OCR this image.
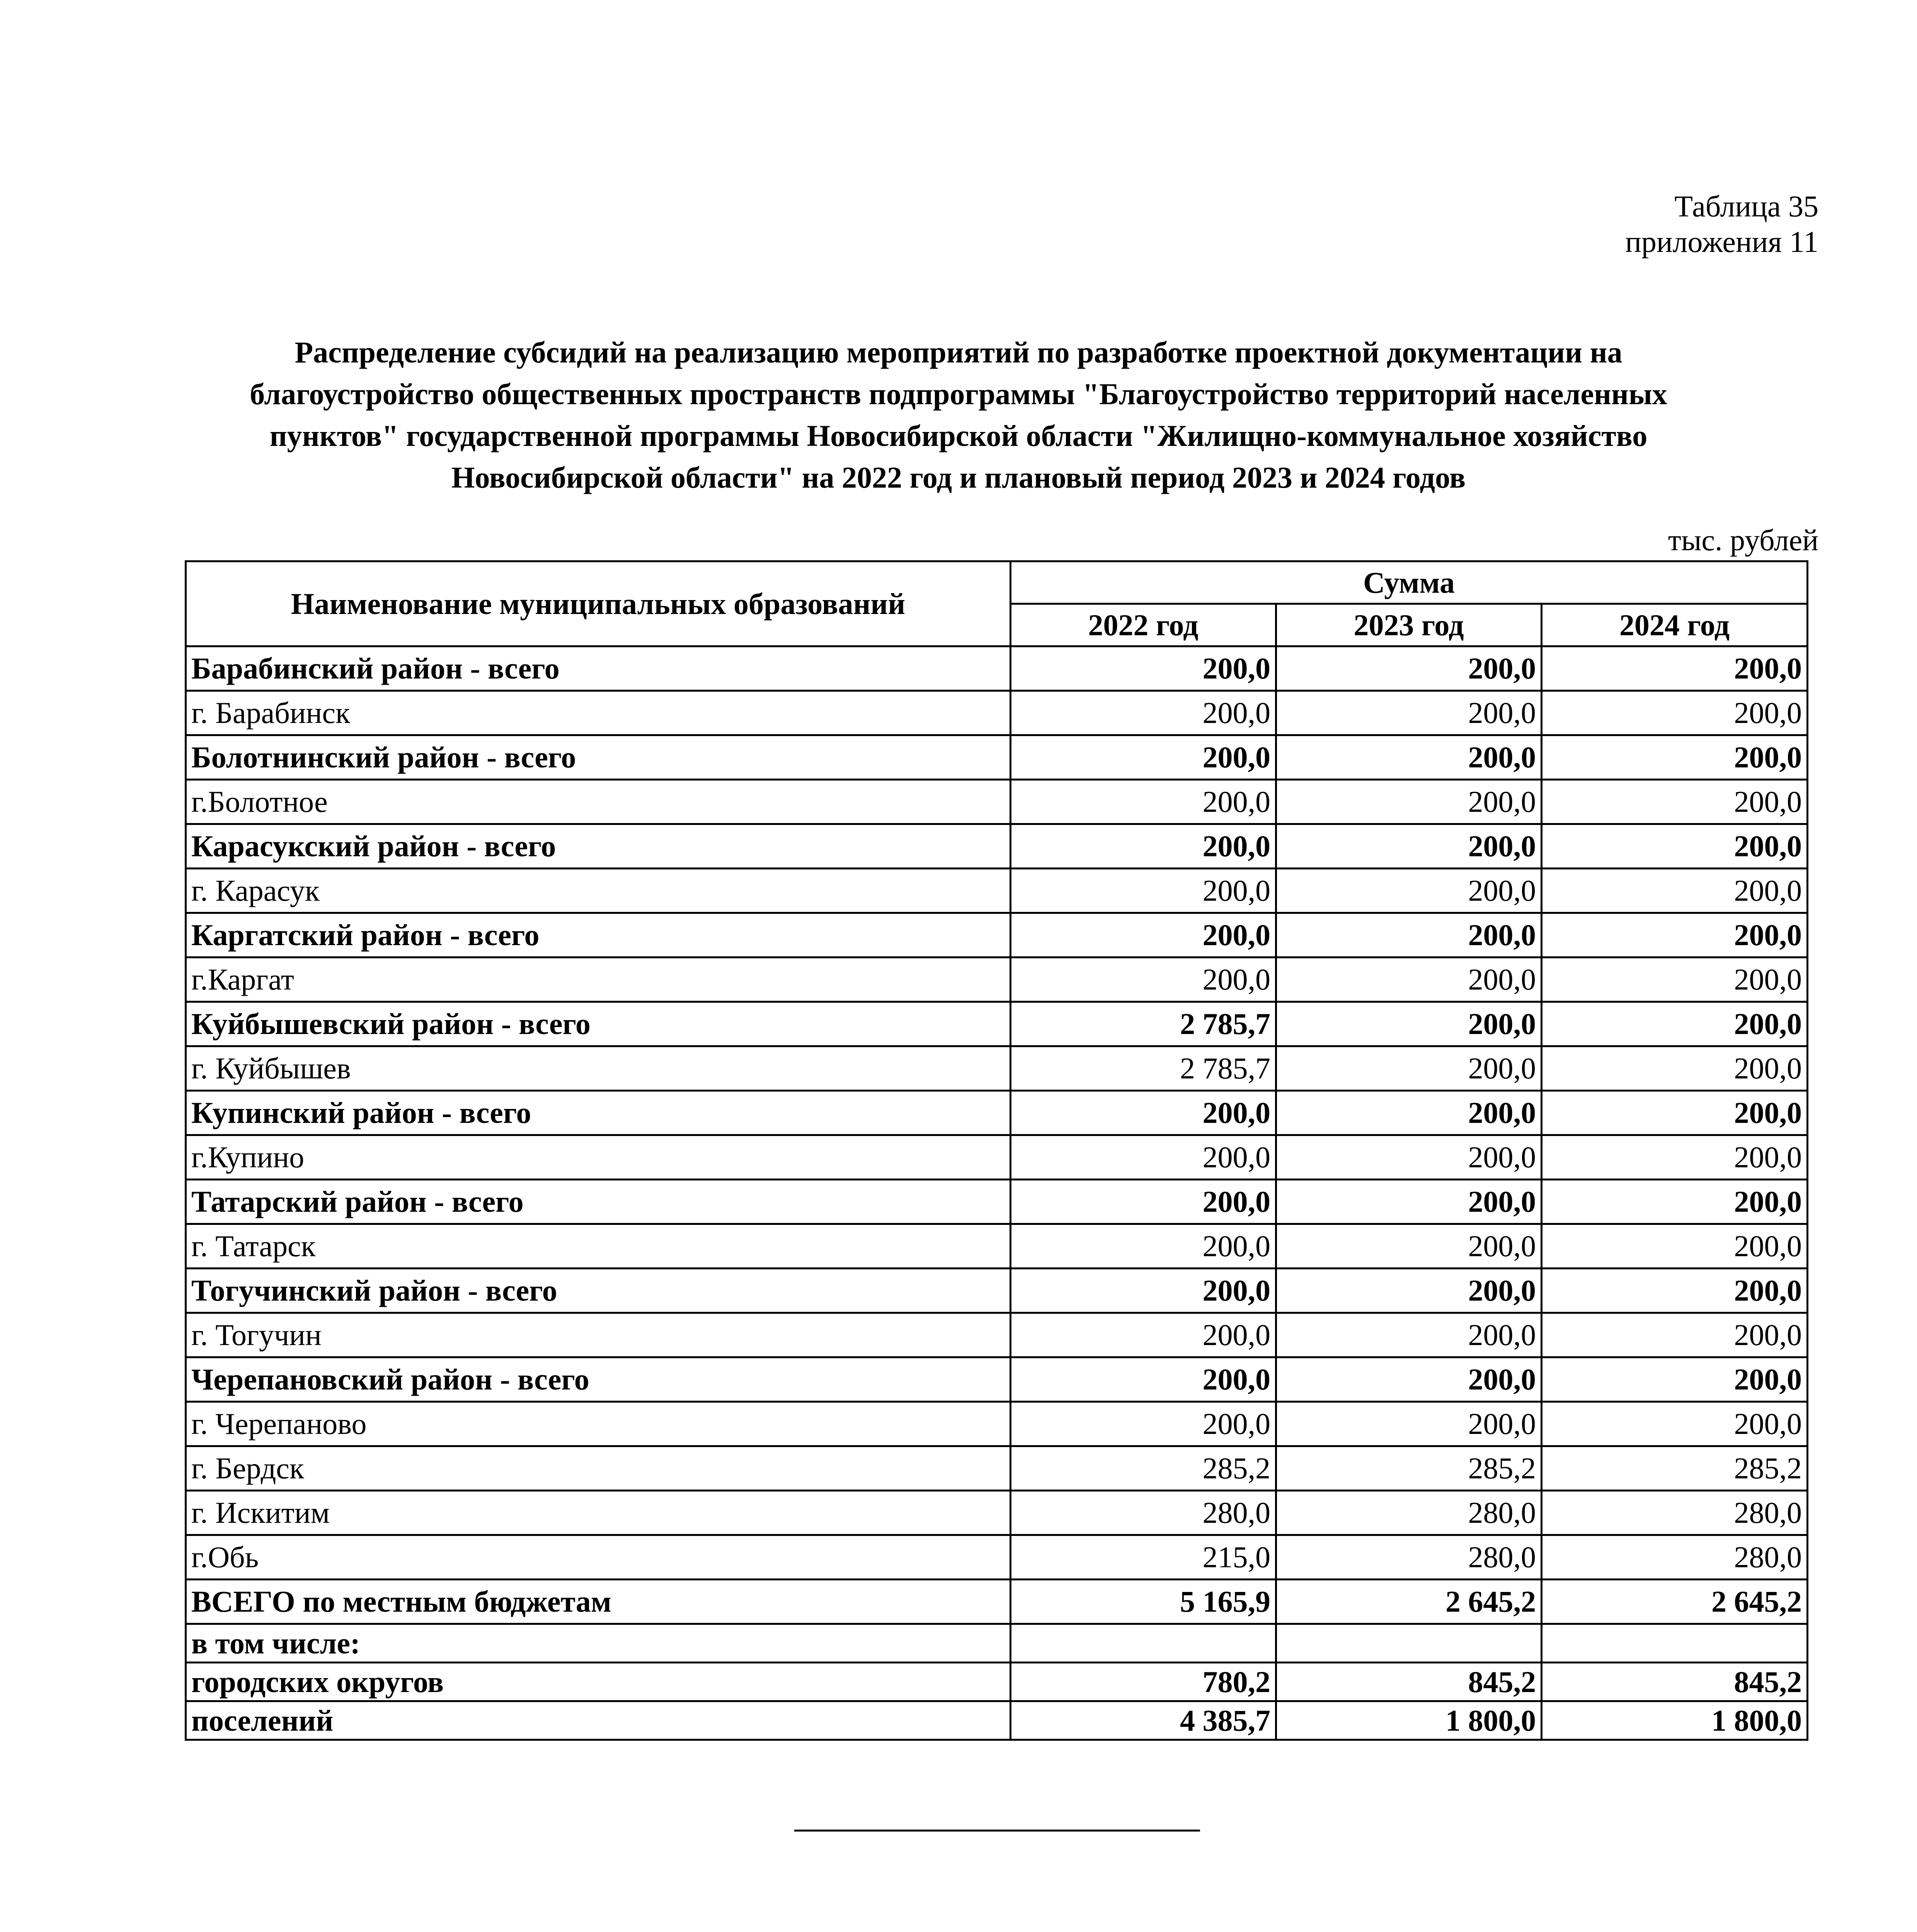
Таблица 35
приложения 11
Распределение субсидий на реализацию мероприятий по разработке проектной документации на благоустройство общественных пространств подпрограммы "Благоустройство территорий населенных пунктов" государственной программы Новосибирской области "Жилищно-коммунальное хозяйство Новосибирской области" на 2022 год и плановый период 2023 и 2024 годов
тыс. рублей
Наименование муниципальных образований	Сумма		
	2022 год	2023 год	2024 год
Барабинский район - всего	200,0	200,0	200,0
г. Барабинск	200,0	200,0	200,0
Болотнинский район - всего	200,0	200,0	200,0
г.Болотное	200,0	200,0	200,0
Карасукский район - всего	200,0	200,0	200,0
г. Карасук	200,0	200,0	200,0
Каргатский район - всего	200,0	200,0	200,0
г.Каргат	200,0	200,0	200,0
Куйбышевский район - всего	2 785,7	200,0	200,0
г. Куйбышев	2 785,7	200,0	200,0
Купинский район - всего	200,0	200,0	200,0
г.Купино	200,0	200,0	200,0
Татарский район - всего	200,0	200,0	200,0
г. Татарск	200,0	200,0	200,0
Тогучинский район - всего	200,0	200,0	200,0
г. Тогучин	200,0	200,0	200,0
Черепановский район - всего	200,0	200,0	200,0
г. Черепаново	200,0	200,0	200,0
г. Бердск	285,2	285,2	285,2
г. Искитим	280,0	280,0	280,0
г.Обь	215,0	280,0	280,0
ВСЕГО по местным бюджетам	5 165,9	2 645,2	2 645,2
в том числе:			
городских округов	780,2	845,2	845,2
поселений	4 385,7	1 800,0	1 800,0
